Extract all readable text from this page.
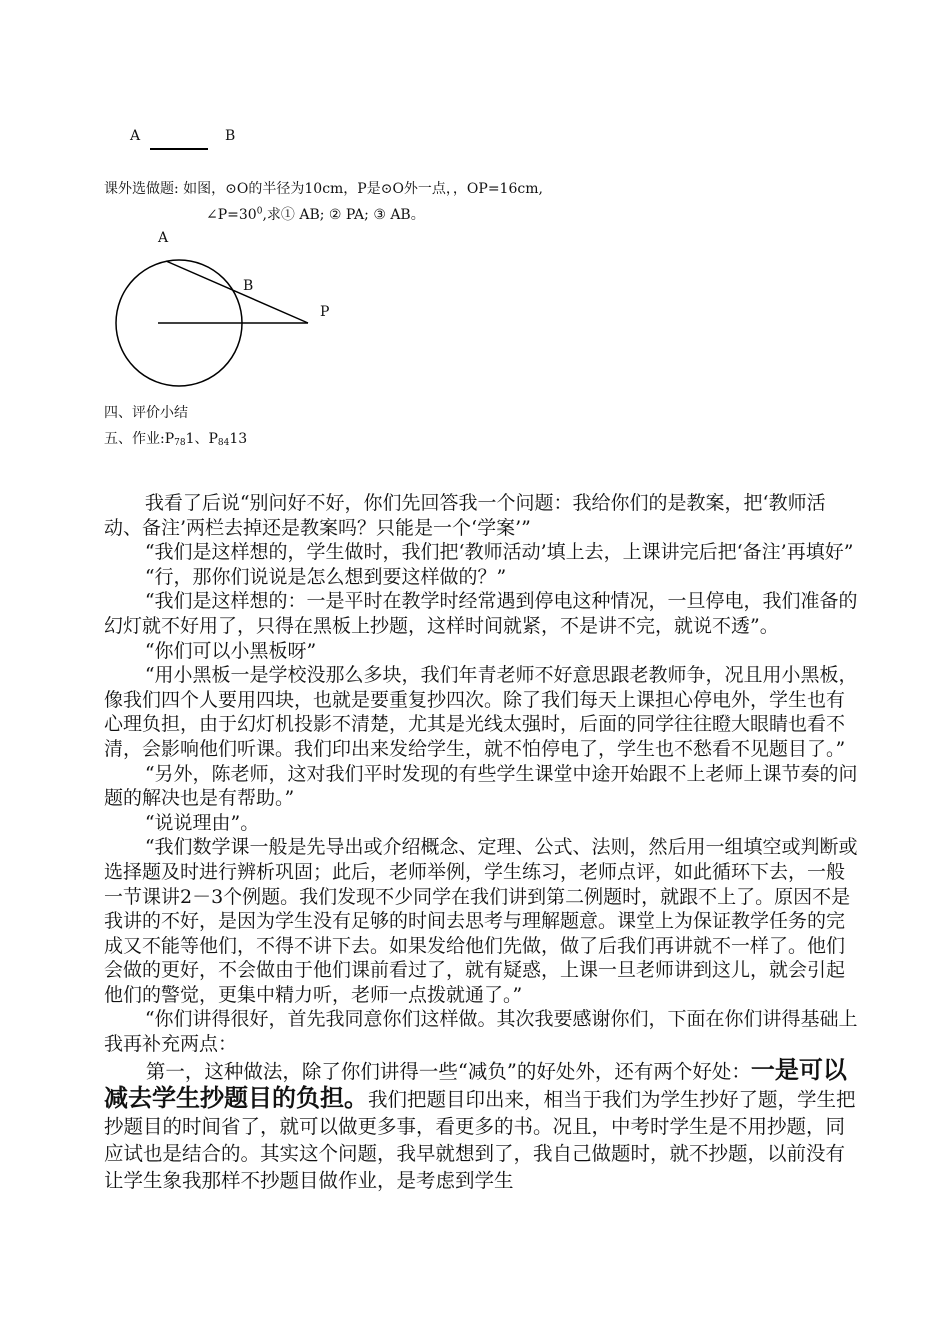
A	B
课外选做题: 如图，⊙O的半径为10cm，P是⊙O外一点，，OP=16cm,
$\angle P=30^0$,求① AB; ② PA; ③ AB。
A
B
P
四、评价小结
五、作业$:P_{78}1$、$P_{84}13$

我看了后说“别问好不好，你们先回答我一个问题：我给你们的是教案，把‘教师活动、备注’两栏去掉还是教案吗？只能是一个‘学案’”

“我们是这样想的，学生做时，我们把‘教师活动’填上去，上课讲完后把‘备注’再填好”

“行，那你们说说是怎么想到要这样做的？”

“我们是这样想的：一是平时在教学时经常遇到停电这种情况，一旦停电，我们准备的幻灯就不好用了，只得在黑板上抄题，这样时间就紧，不是讲不完，就说不透”。

“你们可以小黑板呀”

“用小黑板一是学校没那么多块，我们年青老师不好意思跟老教师争，况且用小黑板，像我们四个人要用四块，也就是要重复抄四次。除了我们每天上课担心停电外，学生也有心理负担，由于幻灯机投影不清楚，尤其是光线太强时，后面的同学往往瞪大眼睛也看不清，会影响他们听课。我们印出来发给学生，就不怕停电了，学生也不愁看不见题目了。”

“另外，陈老师，这对我们平时发现的有些学生课堂中途开始跟不上老师上课节奏的问题的解决也是有帮助。”

“说说理由”。

“我们数学课一般是先导出或介绍概念、定理、公式、法则，然后用一组填空或判断或选择题及时进行辨析巩固；此后，老师举例，学生练习，老师点评，如此循环下去，一般一节课讲2－3个例题。我们发现不少同学在我们讲到第二例题时，就跟不上了。原因不是我讲的不好，是因为学生没有足够的时间去思考与理解题意。课堂上为保证教学任务的完成又不能等他们，不得不讲下去。如果发给他们先做，做了后我们再讲就不一样了。他们会做的更好，不会做由于他们课前看过了，就有疑惑，上课一旦老师讲到这儿，就会引起他们的警觉，更集中精力听，老师一点拨就通了。”

“你们讲得很好，首先我同意你们这样做。其次我要感谢你们，下面在你们讲得基础上我再补充两点：

第一，这种做法，除了你们讲得一些“减负”的好处外，还有两个好处：一是可以减去学生抄题目的负担。我们把题目印出来，相当于我们为学生抄好了题，学生把抄题目的时间省了，就可以做更多事，看更多的书。况且，中考时学生是不用抄题，同应试也是结合的。其实这个问题，我早就想到了，我自己做题时，就不抄题，以前没有让学生象我那样不抄题目做作业，是考虑到学生
